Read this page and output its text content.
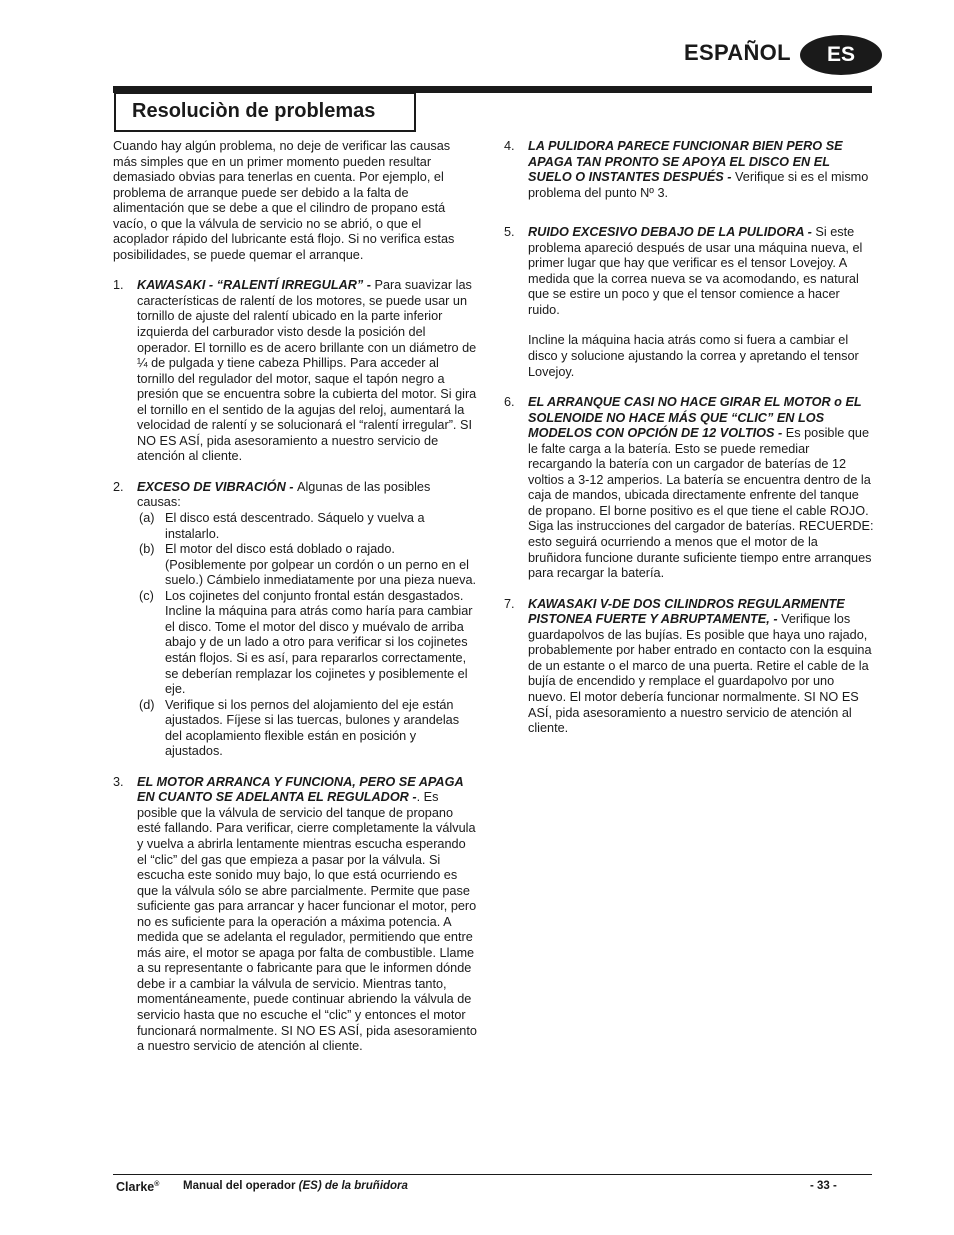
ESPAÑOL	ES
Resoluciòn de problemas

Cuando hay algún problema, no deje de verificar las causas más simples que en un primer momento pueden resultar demasiado obvias para tenerlas en cuenta. Por ejemplo, el problema de arranque puede ser debido a la falta de alimentación que se debe a que el cilindro de propano está vacío, o que la válvula de servicio no se abrió, o que el acoplador rápido del lubricante está flojo. Si no verifica estas posibilidades, se puede quemar el arranque.

1. KAWASAKI - “RALENTÍ IRREGULAR” - Para suavizar las características de ralentí de los motores, se puede usar un tornillo de ajuste del ralentí ubicado en la parte inferior izquierda del carburador visto desde la posición del operador. El tornillo es de acero brillante con un diámetro de ¼ de pulgada y tiene cabeza Phillips. Para acceder al tornillo del regulador del motor, saque el tapón negro a presión que se encuentra sobre la cubierta del motor. Si gira el tornillo en el sentido de la agujas del reloj, aumentará la velocidad de ralentí y se solucionará el “ralentí irregular”. SI NO ES ASÍ, pida asesoramiento a nuestro servicio de atención al cliente.

2. EXCESO DE VIBRACIÓN - Algunas de las posibles causas:

(a) El disco está descentrado. Sáquelo y vuelva a instalarlo.

(b) El motor del disco está doblado o rajado. (Posiblemente por golpear un cordón o un perno en el suelo.) Cámbielo inmediatamente por una pieza nueva.

(c) Los cojinetes del conjunto frontal están desgastados. Incline la máquina para atrás como haría para cambiar el disco. Tome el motor del disco y muévalo de arriba abajo y de un lado a otro para verificar si los cojinetes están flojos. Si es así, para repararlos correctamente, se deberían remplazar los cojinetes y posiblemente el eje.

(d) Verifique si los pernos del alojamiento del eje están ajustados. Fíjese si las tuercas, bulones y arandelas del acoplamiento flexible están en posición y ajustados.

3. EL MOTOR ARRANCA Y FUNCIONA, PERO SE APAGA EN CUANTO SE ADELANTA EL REGULADOR -. Es posible que la válvula de servicio del tanque de propano esté fallando. Para verificar, cierre completamente la válvula y vuelva a abrirla lentamente mientras escucha esperando el “clic” del gas que empieza a pasar por la válvula. Si escucha este sonido muy bajo, lo que está ocurriendo es que la válvula sólo se abre parcialmente. Permite que pase suficiente gas para arrancar y hacer funcionar el motor, pero no es suficiente para la operación a máxima potencia. A medida que se adelanta el regulador, permitiendo que entre más aire, el motor se apaga por falta de combustible. Llame a su representante o fabricante para que le informen dónde debe ir a cambiar la válvula de servicio. Mientras tanto, momentáneamente, puede continuar abriendo la válvula de servicio hasta que no escuche el “clic” y entonces el motor funcionará normalmente. SI NO ES ASÍ, pida asesoramiento a nuestro servicio de atención al cliente.

4. LA PULIDORA PARECE FUNCIONAR BIEN PERO SE APAGA TAN PRONTO SE APOYA EL DISCO EN EL SUELO O INSTANTES DESPUÉS - Verifique si es el mismo problema del punto Nº 3.

5. RUIDO EXCESIVO DEBAJO DE LA PULIDORA - Si este problema apareció después de usar una máquina nueva, el primer lugar que hay que verificar es el tensor Lovejoy. A medida que la correa nueva se va acomodando, es natural que se estire un poco y que el tensor comience a hacer ruido.

Incline la máquina hacia atrás como si fuera a cambiar el disco y solucione ajustando la correa y apretando el tensor Lovejoy.

6. EL ARRANQUE CASI NO HACE GIRAR EL MOTOR o EL SOLENOIDE NO HACE MÁS QUE “CLIC” EN LOS MODELOS CON OPCIÓN DE 12 VOLTIOS - Es posible que le falte carga a la batería. Esto se puede remediar recargando la batería con un cargador de baterías de 12 voltios a 3-12 amperios. La batería se encuentra dentro de la caja de mandos, ubicada directamente enfrente del tanque de propano. El borne positivo es el que tiene el cable ROJO. Siga las instrucciones del cargador de baterías. RECUERDE: esto seguirá ocurriendo a menos que el motor de la bruñidora funcione durante suficiente tiempo entre arranques para recargar la batería.

7. KAWASAKI V-DE DOS CILINDROS REGULARMENTE PISTONEA FUERTE Y ABRUPTAMENTE, - Verifique los guardapolvos de las bujías. Es posible que haya uno rajado, probablemente por haber entrado en contacto con la esquina de un estante o el marco de una puerta. Retire el cable de la bujía de encendido y remplace el guardapolvo por uno nuevo. El motor debería funcionar normalmente. SI NO ES ASÍ, pida asesoramiento a nuestro servicio de atención al cliente.

Clarke® Manual del operador (ES) de la bruñidora	- 33 -
